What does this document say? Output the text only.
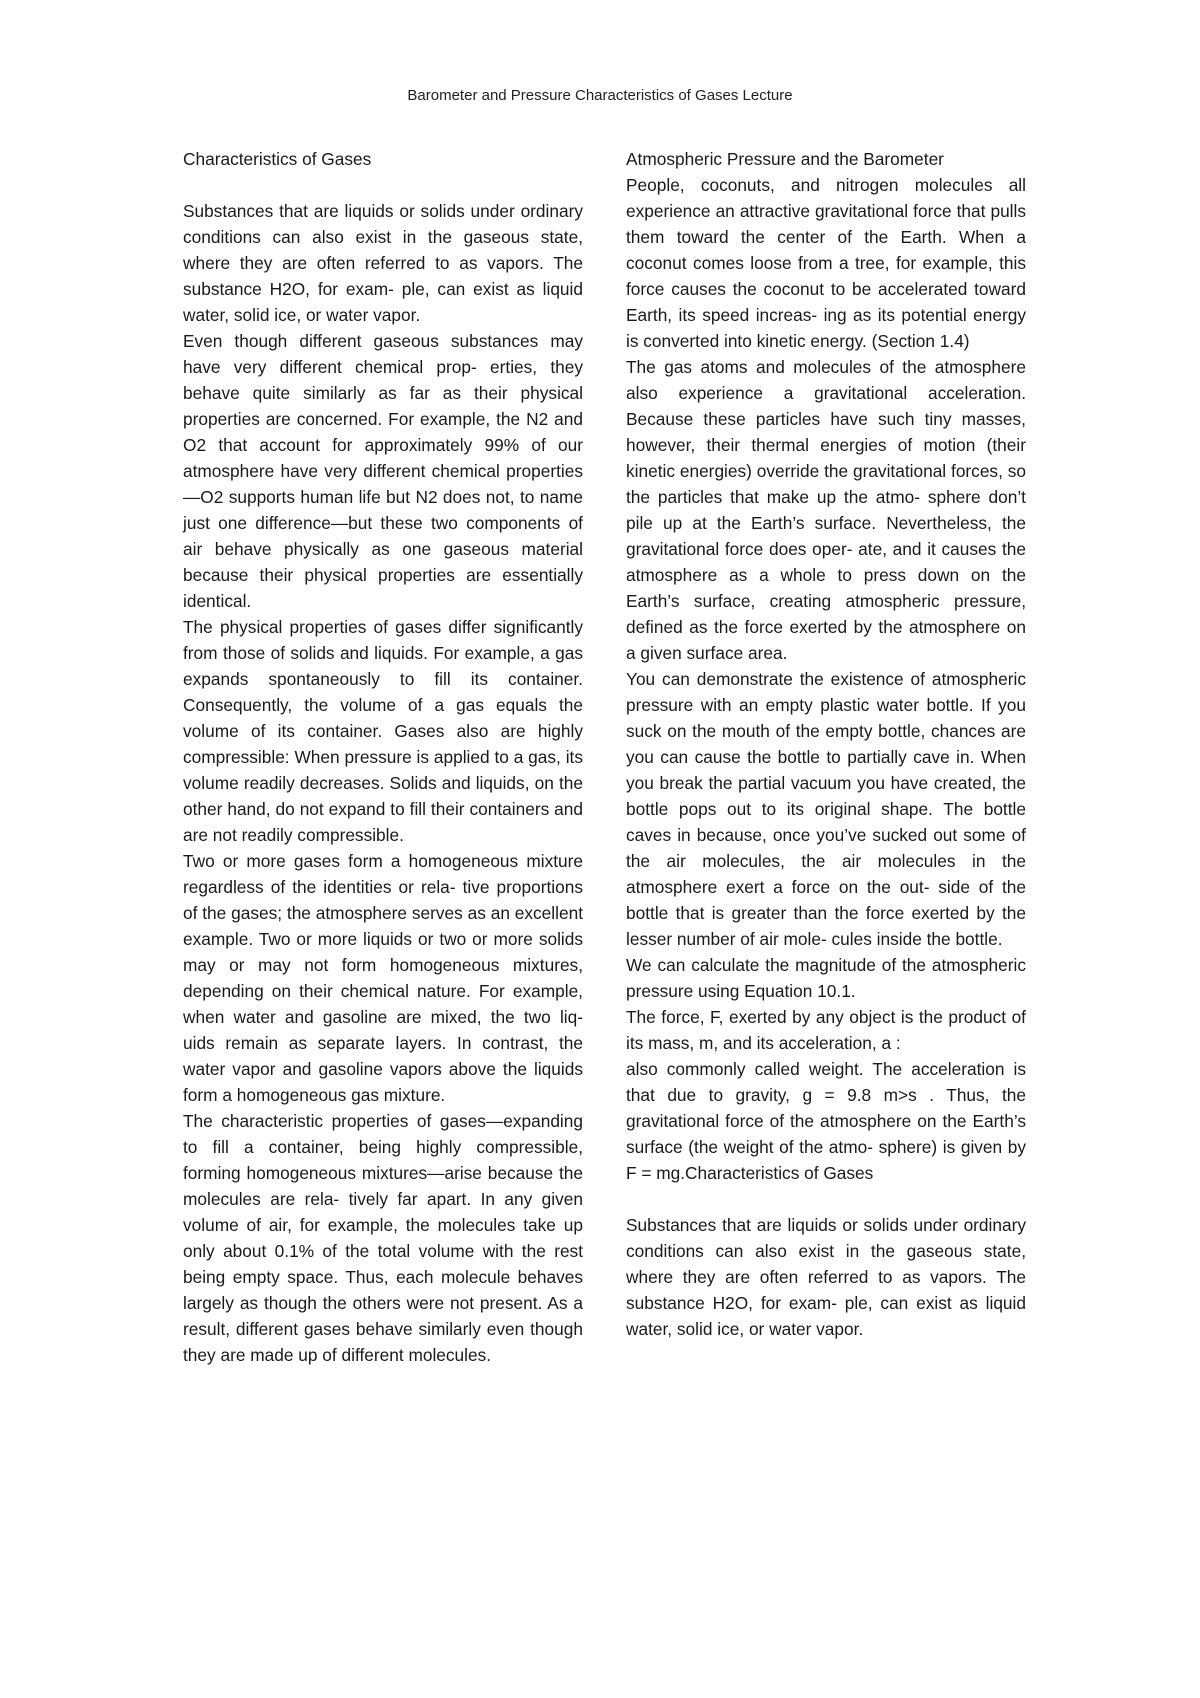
Barometer and Pressure Characteristics of Gases Lecture

Characteristics of Gases

Substances that are liquids or solids under ordinary conditions can also exist in the gaseous state, where they are often referred to as vapors. The substance H2O, for exam- ple, can exist as liquid water, solid ice, or water vapor.

Even though different gaseous substances may have very different chemical prop- erties, they behave quite similarly as far as their physical properties are concerned. For example, the N2 and O2 that account for approximately 99% of our atmosphere have very different chemical properties—O2 supports human life but N2 does not, to name just one difference—but these two components of air behave physically as one gaseous material because their physical properties are essentially identical.

The physical properties of gases differ significantly from those of solids and liquids. For example, a gas expands spontaneously to fill its container. Consequently, the volume of a gas equals the volume of its container. Gases also are highly compressible: When pressure is applied to a gas, its volume readily decreases. Solids and liquids, on the other hand, do not expand to fill their containers and are not readily compressible.

Two or more gases form a homogeneous mixture regardless of the identities or rela- tive proportions of the gases; the atmosphere serves as an excellent example. Two or more liquids or two or more solids may or may not form homogeneous mixtures, depending on their chemical nature. For example, when water and gasoline are mixed, the two liq- uids remain as separate layers. In contrast, the water vapor and gasoline vapors above the liquids form a homogeneous gas mixture.

The characteristic properties of gases—expanding to fill a container, being highly compressible, forming homogeneous mixtures—arise because the molecules are rela- tively far apart. In any given volume of air, for example, the molecules take up only about 0.1% of the total volume with the rest being empty space. Thus, each molecule behaves largely as though the others were not present. As a result, different gases behave similarly even though they are made up of different molecules.

Atmospheric Pressure and the Barometer

People, coconuts, and nitrogen molecules all experience an attractive gravitational force that pulls them toward the center of the Earth. When a coconut comes loose from a tree, for example, this force causes the coconut to be accelerated toward Earth, its speed increas- ing as its potential energy is converted into kinetic energy. (Section 1.4)

The gas atoms and molecules of the atmosphere also experience a gravitational acceleration. Because these particles have such tiny masses, however, their thermal energies of motion (their kinetic energies) override the gravitational forces, so the particles that make up the atmo- sphere don’t pile up at the Earth’s surface. Nevertheless, the gravitational force does oper- ate, and it causes the atmosphere as a whole to press down on the Earth’s surface, creating atmospheric pressure, defined as the force exerted by the atmosphere on a given surface area.

You can demonstrate the existence of atmospheric pressure with an empty plastic water bottle. If you suck on the mouth of the empty bottle, chances are you can cause the bottle to partially cave in. When you break the partial vacuum you have created, the bottle pops out to its original shape. The bottle caves in because, once you’ve sucked out some of the air molecules, the air molecules in the atmosphere exert a force on the out- side of the bottle that is greater than the force exerted by the lesser number of air mole- cules inside the bottle.

We can calculate the magnitude of the atmospheric pressure using Equation 10.1.

The force, F, exerted by any object is the product of its mass, m, and its acceleration, a :

also commonly called weight. The acceleration is that due to gravity, g = 9.8 m>s . Thus, the gravitational force of the atmosphere on the Earth’s surface (the weight of the atmo- sphere) is given by F = mg.Characteristics of Gases

Substances that are liquids or solids under ordinary conditions can also exist in the gaseous state, where they are often referred to as vapors. The substance H2O, for exam- ple, can exist as liquid water, solid ice, or water vapor.
